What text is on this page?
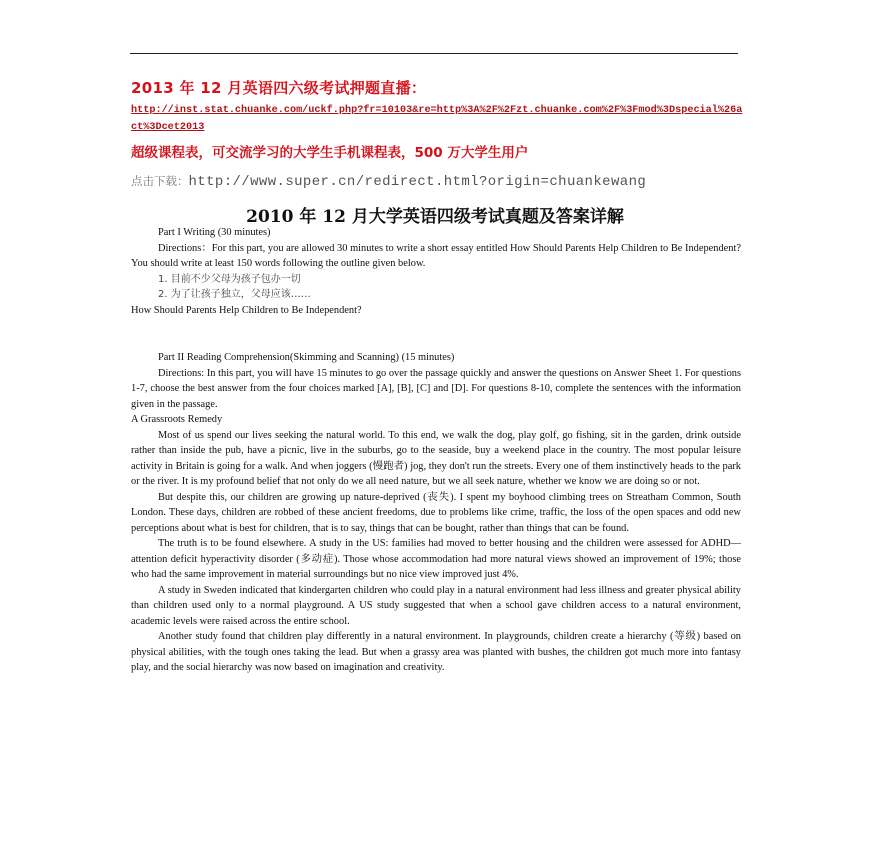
2013 年 12 月英语四六级考试押题直播：
http://inst.stat.chuanke.com/uckf.php?fr=10103&re=http%3A%2F%2Fzt.chuanke.com%2F%3Fmod%3Dspecial%26act%3Dcet2013
超级课程表，可交流学习的大学生手机课程表，500 万大学生用户
点击下载：http://www.super.cn/redirect.html?origin=chuankewang
2010 年 12 月大学英语四级考试真题及答案详解

Part I Writing (30 minutes)

Directions：For this part, you are allowed 30 minutes to write a short essay entitled How Should Parents Help Children to Be Independent? You should write at least 150 words following the outline given below.

1. 目前不少父母为孩子包办一切

2. 为了让孩子独立，父母应该……

How Should Parents Help Children to Be Independent?

Part II Reading Comprehension(Skimming and Scanning) (15 minutes)

Directions: In this part, you will have 15 minutes to go over the passage quickly and answer the questions on Answer Sheet 1. For questions 1-7, choose the best answer from the four choices marked [A], [B], [C] and [D]. For questions 8-10, complete the sentences with the information given in the passage.

A Grassroots Remedy

Most of us spend our lives seeking the natural world. To this end, we walk the dog, play golf, go fishing, sit in the garden, drink outside rather than inside the pub, have a picnic, live in the suburbs, go to the seaside, buy a weekend place in the country. The most popular leisure activity in Britain is going for a walk. And when joggers (慢跑者) jog, they don't run the streets. Every one of them instinctively heads to the park or the river. It is my profound belief that not only do we all need nature, but we all seek nature, whether we know we are doing so or not.

But despite this, our children are growing up nature-deprived (丧失). I spent my boyhood climbing trees on Streatham Common, South London. These days, children are robbed of these ancient freedoms, due to problems like crime, traffic, the loss of the open spaces and odd new perceptions about what is best for children, that is to say, things that can be bought, rather than things that can be found.

The truth is to be found elsewhere. A study in the US: families had moved to better housing and the children were assessed for ADHD—attention deficit hyperactivity disorder (多动症). Those whose accommodation had more natural views showed an improvement of 19%; those who had the same improvement in material surroundings but no nice view improved just 4%.

A study in Sweden indicated that kindergarten children who could play in a natural environment had less illness and greater physical ability than children used only to a normal playground. A US study suggested that when a school gave children access to a natural environment, academic levels were raised across the entire school.

Another study found that children play differently in a natural environment. In playgrounds, children create a hierarchy (等级) based on physical abilities, with the tough ones taking the lead. But when a grassy area was planted with bushes, the children got much more into fantasy play, and the social hierarchy was now based on imagination and creativity.
